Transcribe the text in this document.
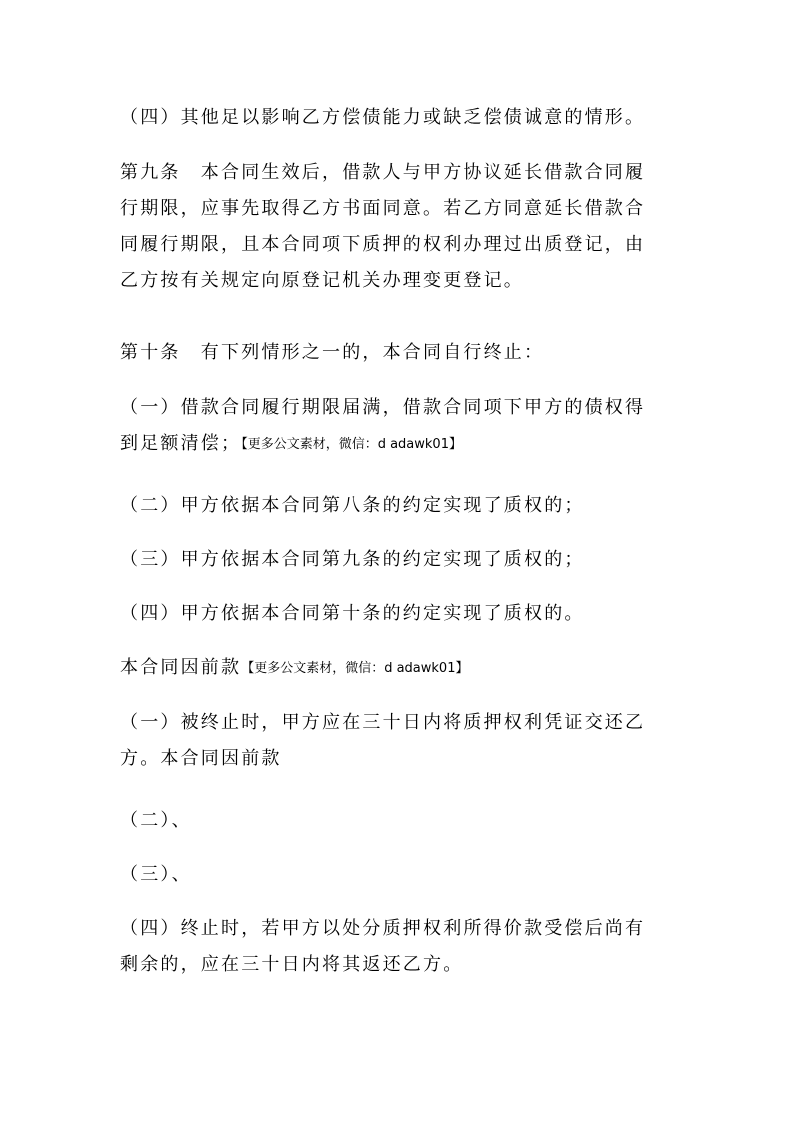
（四）其他足以影响乙方偿债能力或缺乏偿债诚意的情形。
第九条　本合同生效后，借款人与甲方协议延长借款合同履
行期限，应事先取得乙方书面同意。若乙方同意延长借款合
同履行期限，且本合同项下质押的权利办理过出质登记，由
乙方按有关规定向原登记机关办理变更登记。
第十条　有下列情形之一的，本合同自行终止：
（一）借款合同履行期限届满，借款合同项下甲方的债权得
到足额清偿；【更多公文素材，微信：d adawk01】
（二）甲方依据本合同第八条的约定实现了质权的；
（三）甲方依据本合同第九条的约定实现了质权的；
（四）甲方依据本合同第十条的约定实现了质权的。
本合同因前款【更多公文素材，微信：d adawk01】
（一）被终止时，甲方应在三十日内将质押权利凭证交还乙
方。本合同因前款
（二）、
（三）、
（四）终止时，若甲方以处分质押权利所得价款受偿后尚有
剩余的，应在三十日内将其返还乙方。
